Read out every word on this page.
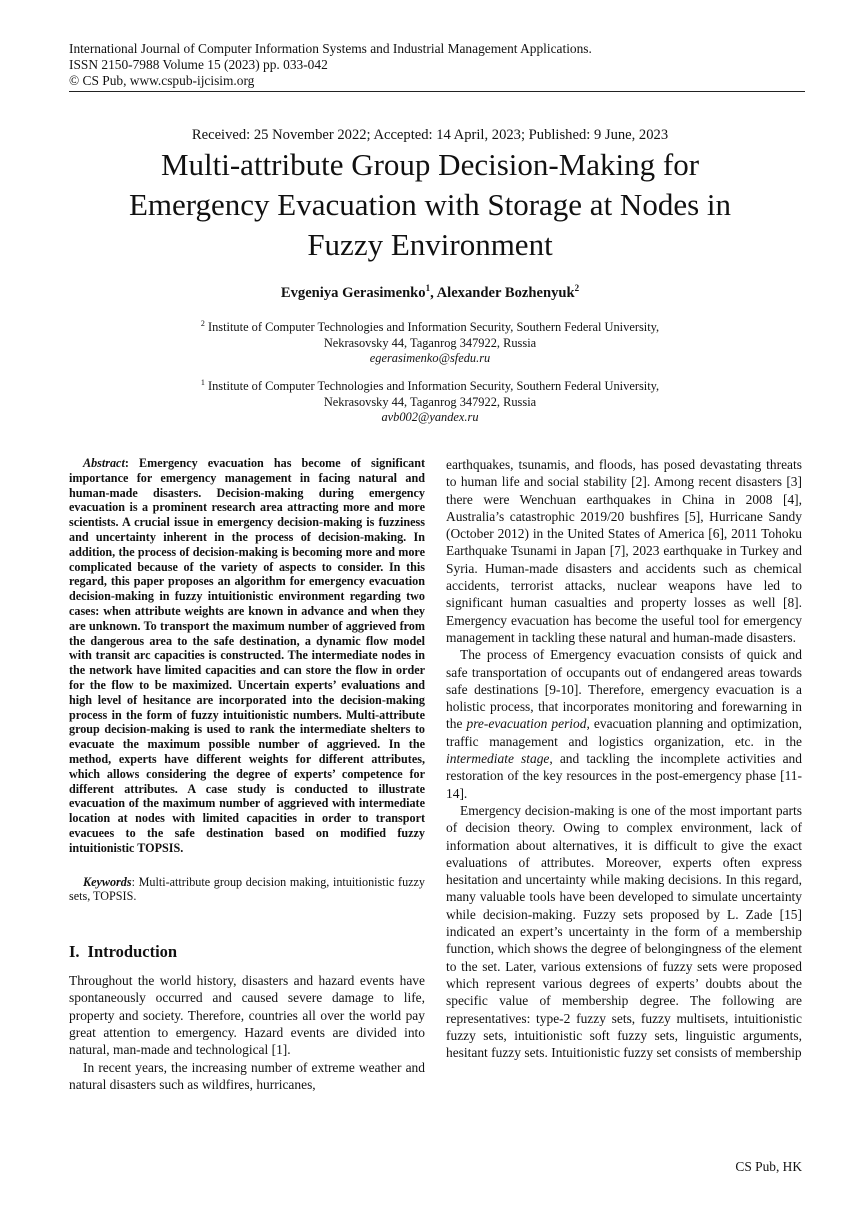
International Journal of Computer Information Systems and Industrial Management Applications.
ISSN 2150-7988 Volume 15 (2023) pp. 033-042
© CS Pub, www.cspub-ijcisim.org
Received: 25 November 2022; Accepted: 14 April, 2023; Published: 9 June, 2023
Multi-attribute Group Decision-Making for
Emergency Evacuation with Storage at Nodes in
Fuzzy Environment
Evgeniya Gerasimenko$^1$, Alexander Bozhenyuk$^2$
$^2$ Institute of Computer Technologies and Information Security, Southern Federal University,
Nekrasovsky 44, Taganrog 347922, Russia
egerasimenko@sfedu.ru
$^1$ Institute of Computer Technologies and Information Security, Southern Federal University,
Nekrasovsky 44, Taganrog 347922, Russia
avb002@yandex.ru

Abstract: Emergency evacuation has become of significant importance for emergency management in facing natural and human-made disasters. Decision-making during emergency evacuation is a prominent research area attracting more and more scientists. A crucial issue in emergency decision-making is fuzziness and uncertainty inherent in the process of decision-making. In addition, the process of decision-making is becoming more and more complicated because of the variety of aspects to consider. In this regard, this paper proposes an algorithm for emergency evacuation decision-making in fuzzy intuitionistic environment regarding two cases: when attribute weights are known in advance and when they are unknown. To transport the maximum number of aggrieved from the dangerous area to the safe destination, a dynamic flow model with transit arc capacities is constructed. The intermediate nodes in the network have limited capacities and can store the flow in order for the flow to be maximized. Uncertain experts’ evaluations and high level of hesitance are incorporated into the decision-making process in the form of fuzzy intuitionistic numbers. Multi-attribute group decision-making is used to rank the intermediate shelters to evacuate the maximum possible number of aggrieved. In the method, experts have different weights for different attributes, which allows considering the degree of experts’ competence for different attributes. A case study is conducted to illustrate evacuation of the maximum number of aggrieved with intermediate location at nodes with limited capacities in order to transport evacuees to the safe destination based on modified fuzzy intuitionistic TOPSIS.

Keywords: Multi-attribute group decision making, intuitionistic fuzzy sets, TOPSIS.

I. Introduction

Throughout the world history, disasters and hazard events have spontaneously occurred and caused severe damage to life, property and society. Therefore, countries all over the world pay great attention to emergency. Hazard events are divided into natural, man-made and technological [1].

In recent years, the increasing number of extreme weather and natural disasters such as wildfires, hurricanes,

earthquakes, tsunamis, and floods, has posed devastating threats to human life and social stability [2]. Among recent disasters [3] there were Wenchuan earthquakes in China in 2008 [4], Australia’s catastrophic 2019/20 bushfires [5], Hurricane Sandy (October 2012) in the United States of America [6], 2011 Tohoku Earthquake Tsunami in Japan [7], 2023 earthquake in Turkey and Syria. Human-made disasters and accidents such as chemical accidents, terrorist attacks, nuclear weapons have led to significant human casualties and property losses as well [8]. Emergency evacuation has become the useful tool for emergency management in tackling these natural and human-made disasters.

The process of Emergency evacuation consists of quick and safe transportation of occupants out of endangered areas towards safe destinations [9-10]. Therefore, emergency evacuation is a holistic process, that incorporates monitoring and forewarning in the pre-evacuation period, evacuation planning and optimization, traffic management and logistics organization, etc. in the intermediate stage, and tackling the incomplete activities and restoration of the key resources in the post-emergency phase [11-14].

Emergency decision-making is one of the most important parts of decision theory. Owing to complex environment, lack of information about alternatives, it is difficult to give the exact evaluations of attributes. Moreover, experts often express hesitation and uncertainty while making decisions. In this regard, many valuable tools have been developed to simulate uncertainty while decision-making. Fuzzy sets proposed by L. Zade [15] indicated an expert’s uncertainty in the form of a membership function, which shows the degree of belongingness of the element to the set. Later, various extensions of fuzzy sets were proposed which represent various degrees of experts’ doubts about the specific value of membership degree. The following are representatives: type-2 fuzzy sets, fuzzy multisets, intuitionistic fuzzy sets, intuitionistic soft fuzzy sets, linguistic arguments, hesitant fuzzy sets. Intuitionistic fuzzy set consists of membership

CS Pub, HK
